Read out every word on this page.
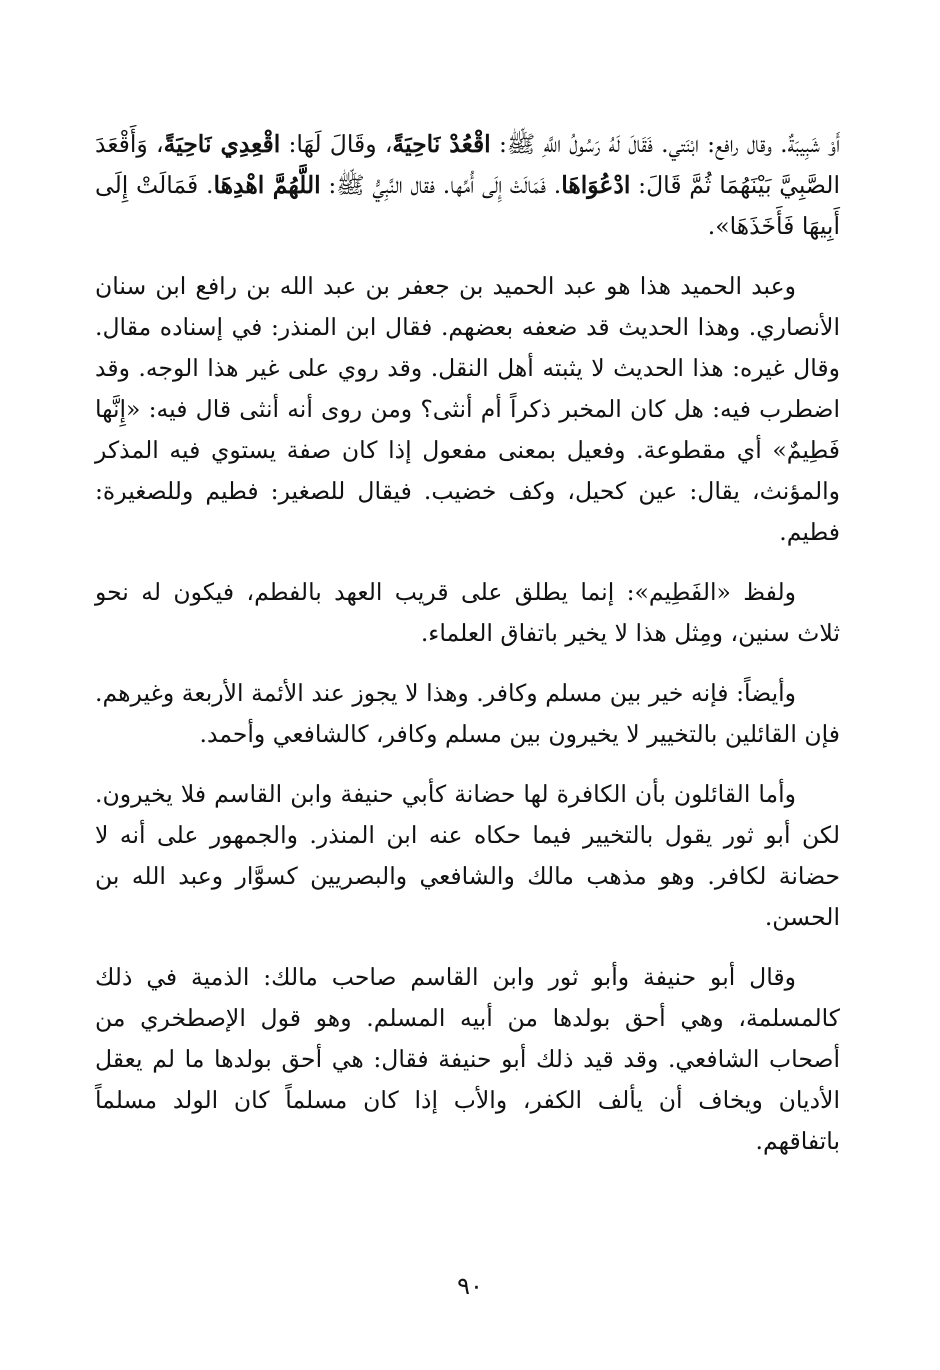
أَوْ شَبِيبَةٌ. وقال رافع: ابْنَتي. فَقَالَ لَهُ رَسُولُ اللَّهِ ﷺ: اقْعُدْ نَاحِيَةً، وقَالَ لَهَا: اقْعِدِي نَاحِيَةً، وَأَقْعَدَ الصَّبِيَّ بَيْنَهُمَا ثُمَّ قَالَ: ادْعُوَاهَا. فَمَالَتْ إِلَى أُمِّها. فقال النَّبِيُّ ﷺ: اللَّهُمَّ اهْدِهَا. فَمَالَتْ إِلَى أَبِيهَا فَأَخَذَهَا».

وعبد الحميد هذا هو عبد الحميد بن جعفر بن عبد الله بن رافع ابن سنان الأنصاري. وهذا الحديث قد ضعفه بعضهم. فقال ابن المنذر: في إسناده مقال. وقال غيره: هذا الحديث لا يثبته أهل النقل. وقد روي على غير هذا الوجه. وقد اضطرب فيه: هل كان المخبر ذكراً أم أنثى؟ ومن روى أنه أنثى قال فيه: «إِنَّها فَطِيمٌ» أي مقطوعة. وفعيل بمعنى مفعول إذا كان صفة يستوي فيه المذكر والمؤنث، يقال: عين كحيل، وكف خضيب. فيقال للصغير: فطيم وللصغيرة: فطيم.

ولفظ «الفَطِيم»: إنما يطلق على قريب العهد بالفطم، فيكون له نحو ثلاث سنين، ومِثل هذا لا يخير باتفاق العلماء.

وأيضاً: فإنه خير بين مسلم وكافر. وهذا لا يجوز عند الأئمة الأربعة وغيرهم. فإن القائلين بالتخيير لا يخيرون بين مسلم وكافر، كالشافعي وأحمد.

وأما القائلون بأن الكافرة لها حضانة كأبي حنيفة وابن القاسم فلا يخيرون. لكن أبو ثور يقول بالتخيير فيما حكاه عنه ابن المنذر. والجمهور على أنه لا حضانة لكافر. وهو مذهب مالك والشافعي والبصريين كسوَّار وعبد الله بن الحسن.

وقال أبو حنيفة وأبو ثور وابن القاسم صاحب مالك: الذمية في ذلك كالمسلمة، وهي أحق بولدها من أبيه المسلم. وهو قول الإصطخري من أصحاب الشافعي. وقد قيد ذلك أبو حنيفة فقال: هي أحق بولدها ما لم يعقل الأديان ويخاف أن يألف الكفر، والأب إذا كان مسلماً كان الولد مسلماً باتفاقهم.

٩٠
